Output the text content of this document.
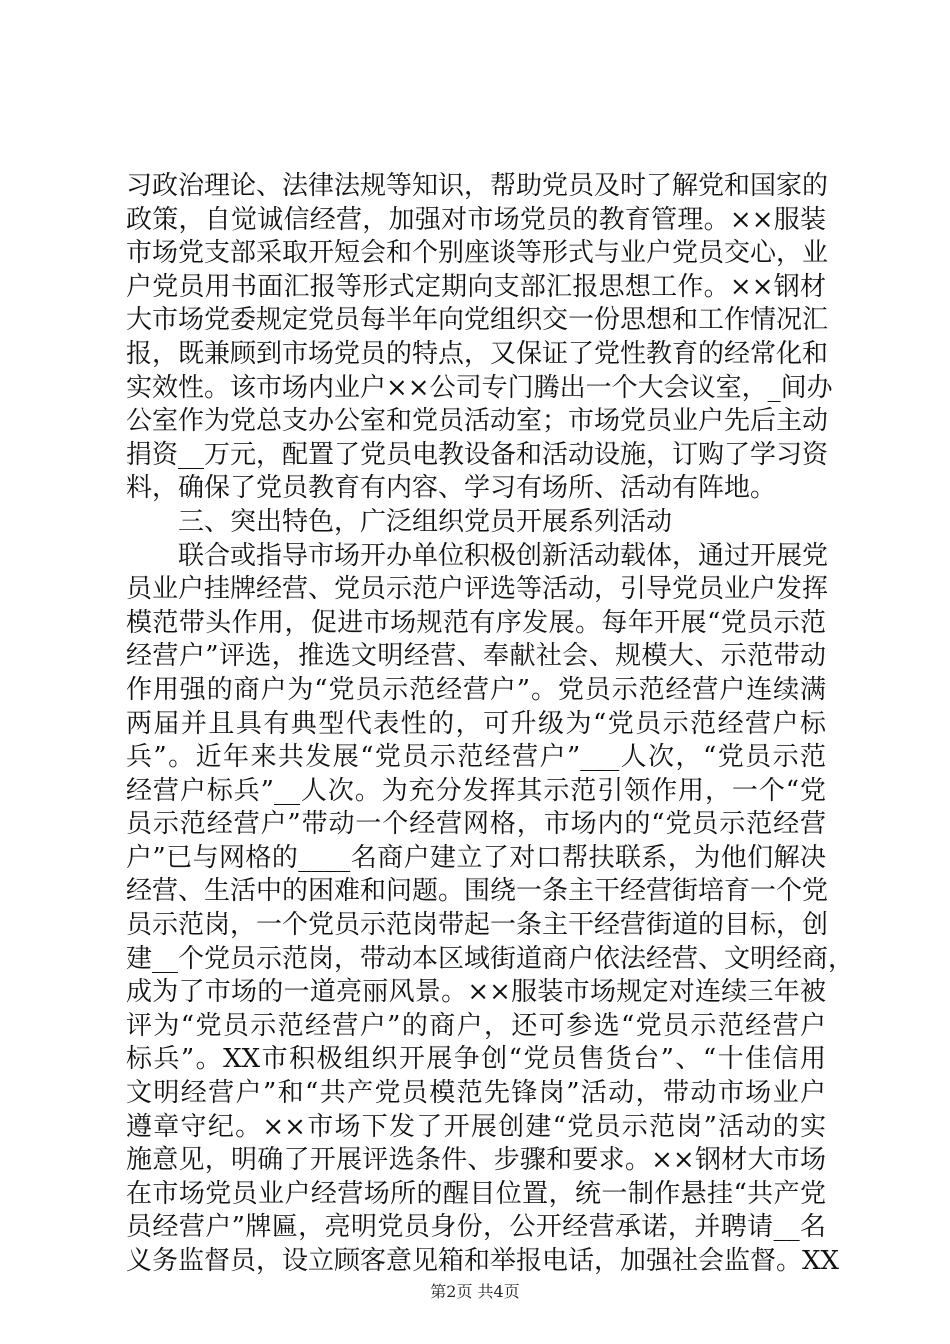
习政治理论、法律法规等知识，帮助党员及时了解党和国家的
政策，自觉诚信经营，加强对市场党员的教育管理。××服装
市场党支部采取开短会和个别座谈等形式与业户党员交心，业
户党员用书面汇报等形式定期向支部汇报思想工作。××钢材
大市场党委规定党员每半年向党组织交一份思想和工作情况汇
报，既兼顾到市场党员的特点，又保证了党性教育的经常化和
实效性。该市场内业户××公司专门腾出一个大会议室，_间办
公室作为党总支办公室和党员活动室；市场党员业户先后主动
捐资__万元，配置了党员电教设备和活动设施，订购了学习资
料，确保了党员教育有内容、学习有场所、活动有阵地。
三、突出特色，广泛组织党员开展系列活动
联合或指导市场开办单位积极创新活动载体，通过开展党
员业户挂牌经营、党员示范户评选等活动，引导党员业户发挥
模范带头作用，促进市场规范有序发展。每年开展“党员示范
经营户”评选，推选文明经营、奉献社会、规模大、示范带动
作用强的商户为“党员示范经营户”。党员示范经营户连续满
两届并且具有典型代表性的，可升级为“党员示范经营户标
兵”。近年来共发展“党员示范经营户”___人次，“党员示范
经营户标兵”__人次。为充分发挥其示范引领作用，一个“党
员示范经营户”带动一个经营网格，市场内的“党员示范经营
户”已与网格的____名商户建立了对口帮扶联系，为他们解决
经营、生活中的困难和问题。围绕一条主干经营街培育一个党
员示范岗，一个党员示范岗带起一条主干经营街道的目标，创
建__个党员示范岗，带动本区域街道商户依法经营、文明经商，
成为了市场的一道亮丽风景。××服装市场规定对连续三年被
评为“党员示范经营户”的商户，还可参选“党员示范经营户
标兵”。XX市积极组织开展争创“党员售货台”、“十佳信用
文明经营户”和“共产党员模范先锋岗”活动，带动市场业户
遵章守纪。××市场下发了开展创建“党员示范岗”活动的实
施意见，明确了开展评选条件、步骤和要求。××钢材大市场
在市场党员业户经营场所的醒目位置，统一制作悬挂“共产党
员经营户”牌匾，亮明党员身份，公开经营承诺，并聘请__名
义务监督员，设立顾客意见箱和举报电话，加强社会监督。XX
第2页 共4页
